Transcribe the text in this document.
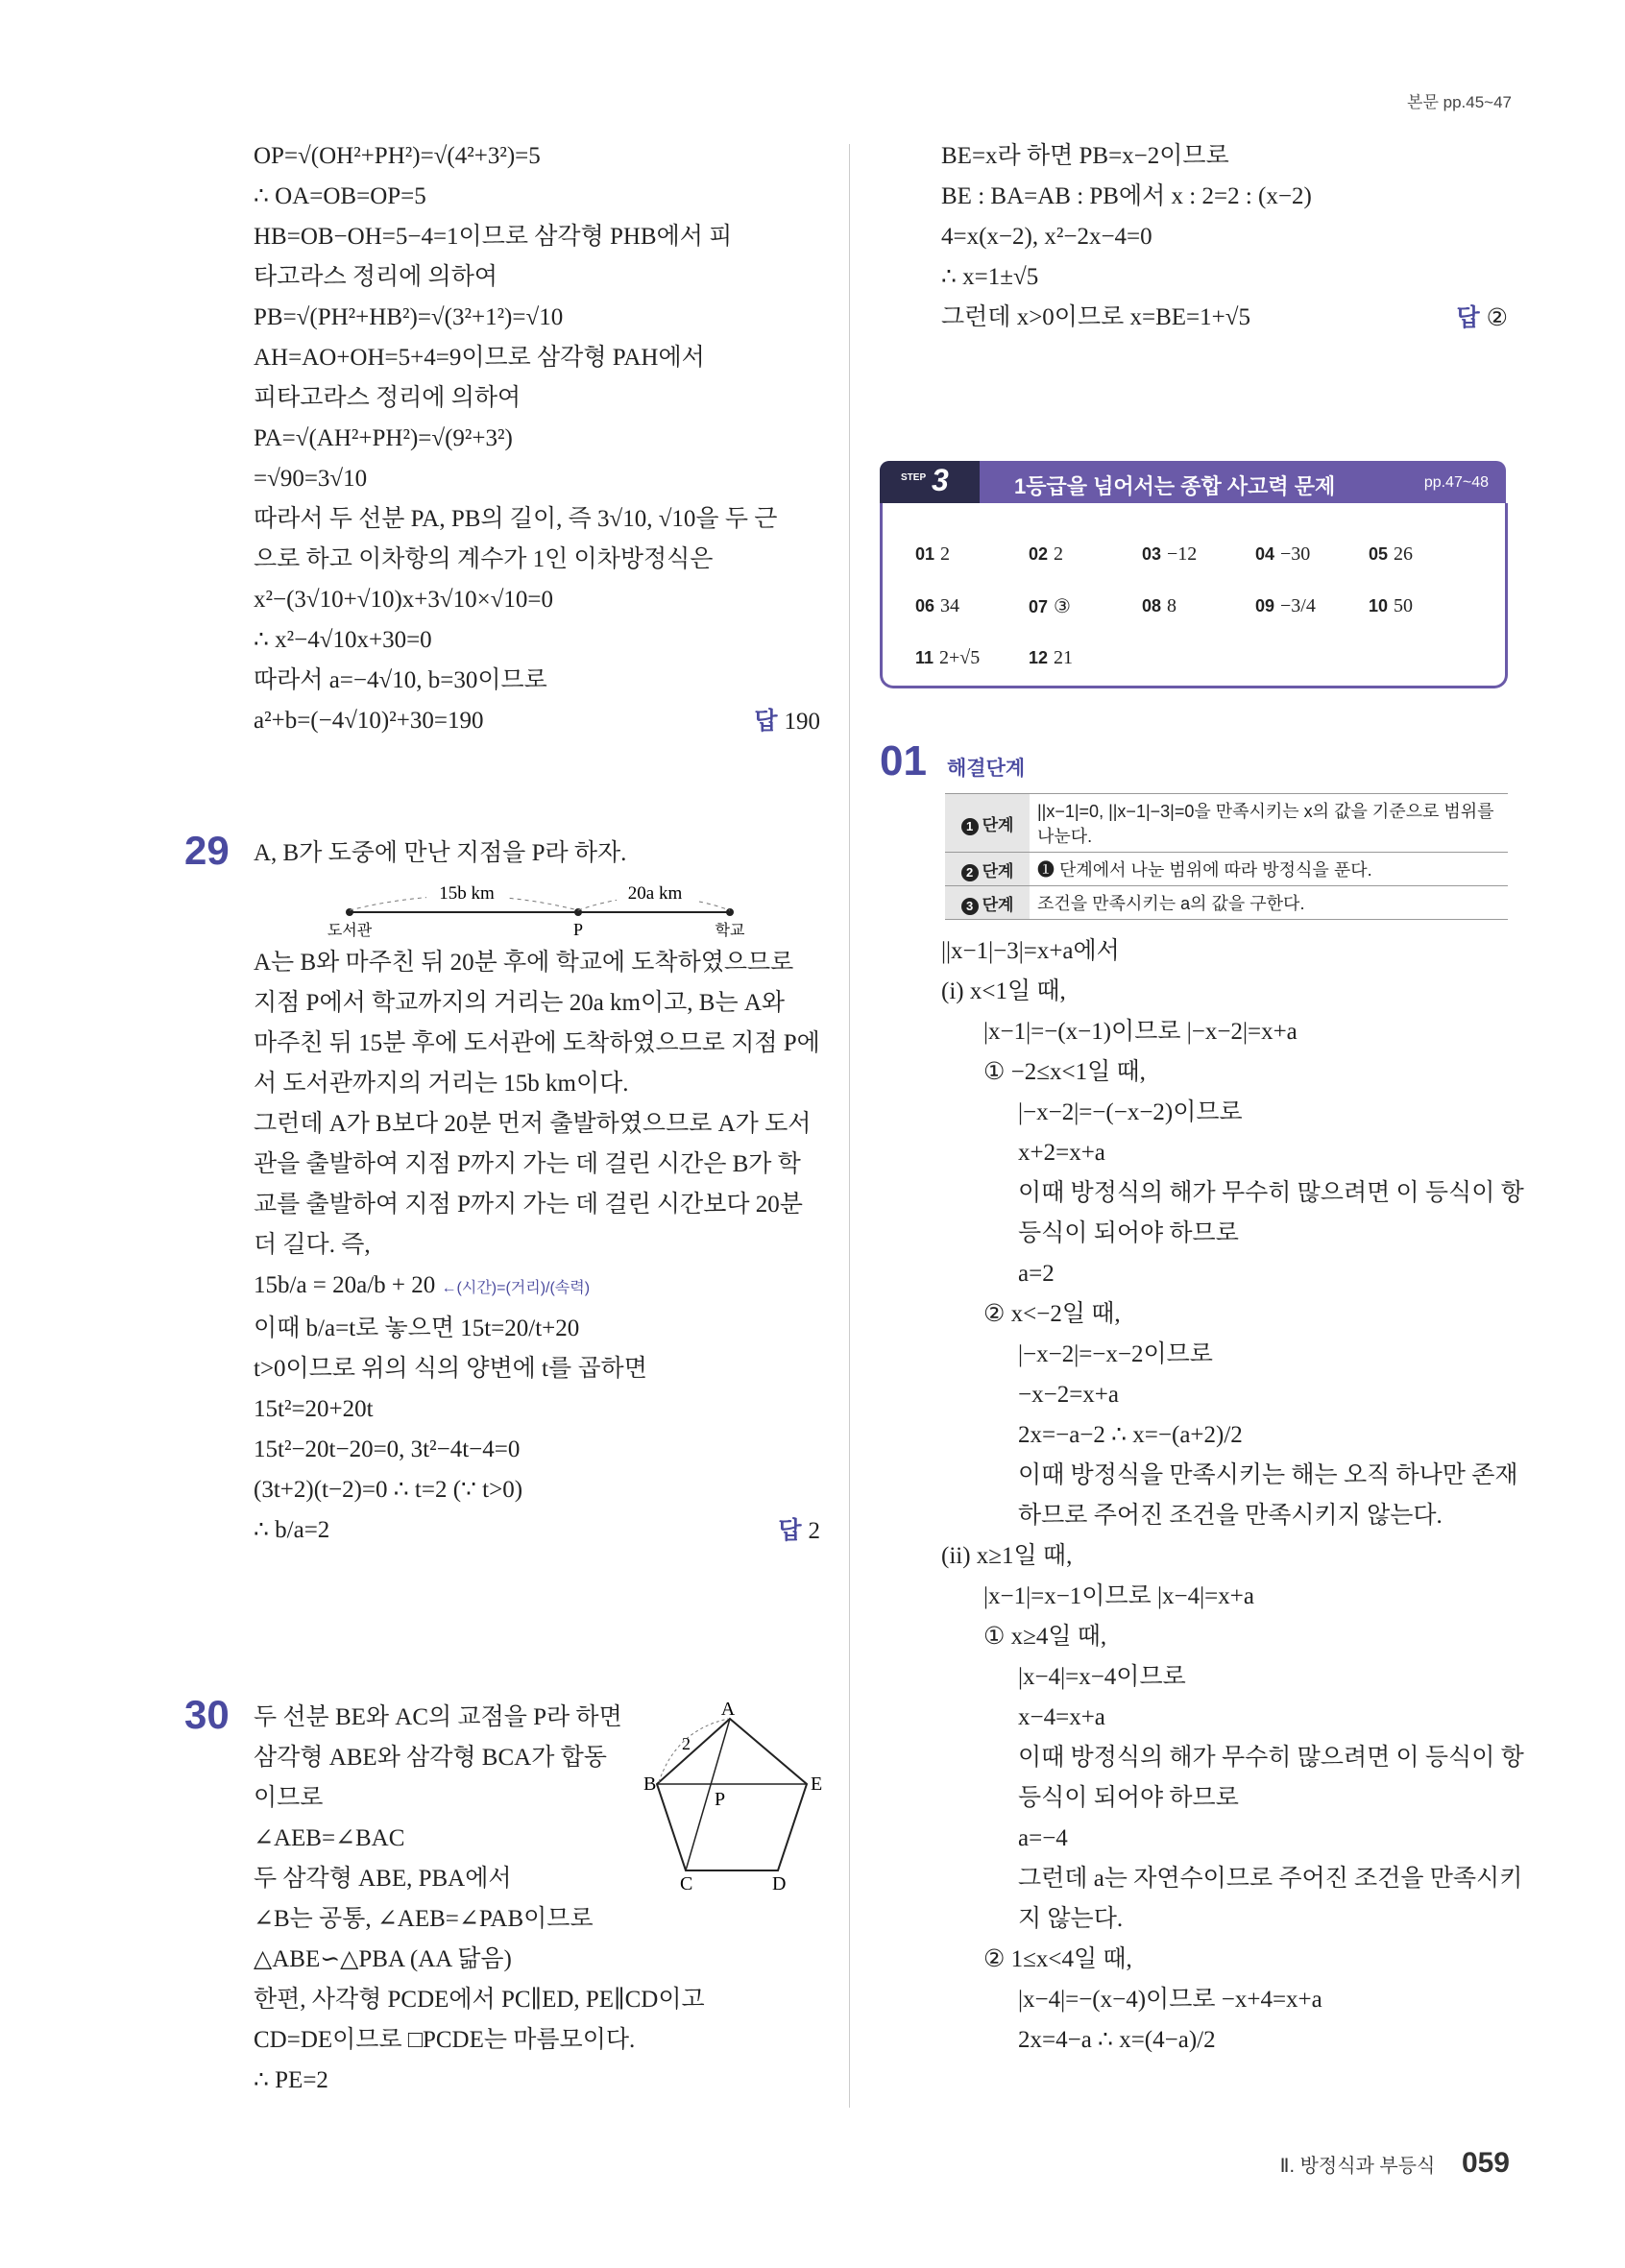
본문 pp.45~47
OP=√(OH²+PH²)=√(4²+3²)=5
∴ OA=OB=OP=5
HB=OB−OH=5−4=1이므로 삼각형 PHB에서 피
타고라스 정리에 의하여
PB=√(PH²+HB²)=√(3²+1²)=√10
AH=AO+OH=5+4=9이므로 삼각형 PAH에서
피타고라스 정리에 의하여
PA=√(AH²+PH²)=√(9²+3²)
=√90=3√10
따라서 두 선분 PA, PB의 길이, 즉 3√10, √10을 두 근
으로 하고 이차항의 계수가 1인 이차방정식은
x²−(3√10+√10)x+3√10×√10=0
∴ x²−4√10x+30=0
따라서 a=−4√10, b=30이므로
a²+b=(−4√10)²+30=190	답 190
29 A, B가 도중에 만난 지점을 P라 하자.
15b km	20a km
도서관	P	학교
A는 B와 마주친 뒤 20분 후에 학교에 도착하였으므로
지점 P에서 학교까지의 거리는 20a km이고, B는 A와
마주친 뒤 15분 후에 도서관에 도착하였으므로 지점 P에
서 도서관까지의 거리는 15b km이다.
그런데 A가 B보다 20분 먼저 출발하였으므로 A가 도서
관을 출발하여 지점 P까지 가는 데 걸린 시간은 B가 학
교를 출발하여 지점 P까지 가는 데 걸린 시간보다 20분
더 길다. 즉,
15b/a = 20a/b + 20 ←(시간)=(거리)/(속력)
이때 b/a=t로 놓으면 15t=20/t+20
t>0이므로 위의 식의 양변에 t를 곱하면
15t²=20+20t
15t²−20t−20=0, 3t²−4t−4=0
(3t+2)(t−2)=0 ∴ t=2 (∵ t>0)
∴ b/a=2	답 2
30 두 선분 BE와 AC의 교점을 P라 하면
삼각형 ABE와 삼각형 BCA가 합동
이므로
∠AEB=∠BAC
두 삼각형 ABE, PBA에서
∠B는 공통, ∠AEB=∠PAB이므로
△ABE∽△PBA (AA 닮음)
한편, 사각형 PCDE에서 PC∥ED, PE∥CD이고
CD=DE이므로 □PCDE는 마름모이다.
∴ PE=2
A
B	E
C	D
P
2
BE=x라 하면 PB=x−2이므로
BE : BA=AB : PB에서 x : 2=2 : (x−2)
4=x(x−2), x²−2x−4=0
∴ x=1±√5
그런데 x>0이므로 x=BE=1+√5	답 ②
STEP 3	1등급을 넘어서는 종합 사고력 문제	pp.47~48
01 2	02 2	03 −12	04 −30	05 26
06 34	07 ③	08 8	09 −3/4	10 50
11 2+√5	12 21
01 해결단계
1 단계	||x−1|=0, ||x−1|−3|=0을 만족시키는 x의 값을 기준으로 범위를 나눈다.
2 단계	❶ 단계에서 나눈 범위에 따라 방정식을 푼다.
3 단계	조건을 만족시키는 a의 값을 구한다.
||x−1|−3|=x+a에서
(i) x<1일 때,
|x−1|=−(x−1)이므로 |−x−2|=x+a
① −2≤x<1일 때,
|−x−2|=−(−x−2)이므로
x+2=x+a
이때 방정식의 해가 무수히 많으려면 이 등식이 항
등식이 되어야 하므로
a=2
② x<−2일 때,
|−x−2|=−x−2이므로
−x−2=x+a
2x=−a−2 ∴ x=−(a+2)/2
이때 방정식을 만족시키는 해는 오직 하나만 존재
하므로 주어진 조건을 만족시키지 않는다.
(ii) x≥1일 때,
|x−1|=x−1이므로 |x−4|=x+a
① x≥4일 때,
|x−4|=x−4이므로
x−4=x+a
이때 방정식의 해가 무수히 많으려면 이 등식이 항
등식이 되어야 하므로
a=−4
그런데 a는 자연수이므로 주어진 조건을 만족시키
지 않는다.
② 1≤x<4일 때,
|x−4|=−(x−4)이므로 −x+4=x+a
2x=4−a ∴ x=(4−a)/2
Ⅱ. 방정식과 부등식 059
